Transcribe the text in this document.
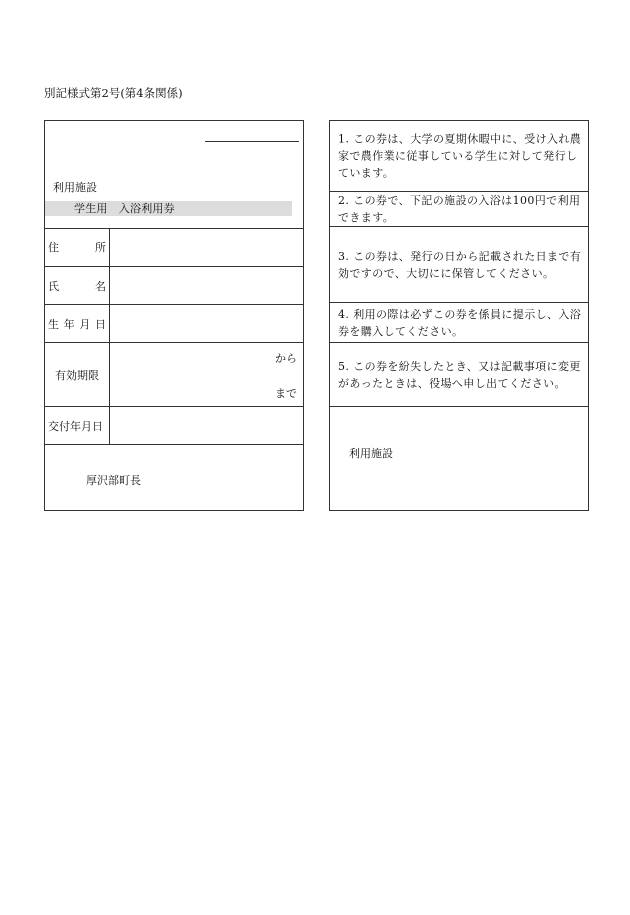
別記様式第2号(第4条関係)
利用施設
学生用　入浴利用券
住	所
氏	名
生 年 月 日
有効期限
から
まで
交付年月日
厚沢部町長
1. この券は、大学の夏期休暇中に、受け入れ農家で農作業に従事している学生に対して発行しています。
2. この券で、下記の施設の入浴は100円で利用できます。
3. この券は、発行の日から記載された日まで有効ですので、大切にに保管してください。
4. 利用の際は必ずこの券を係員に提示し、入浴券を購入してください。
5. この券を紛失したとき、又は記載事項に変更があったときは、役場へ申し出てください。
利用施設
